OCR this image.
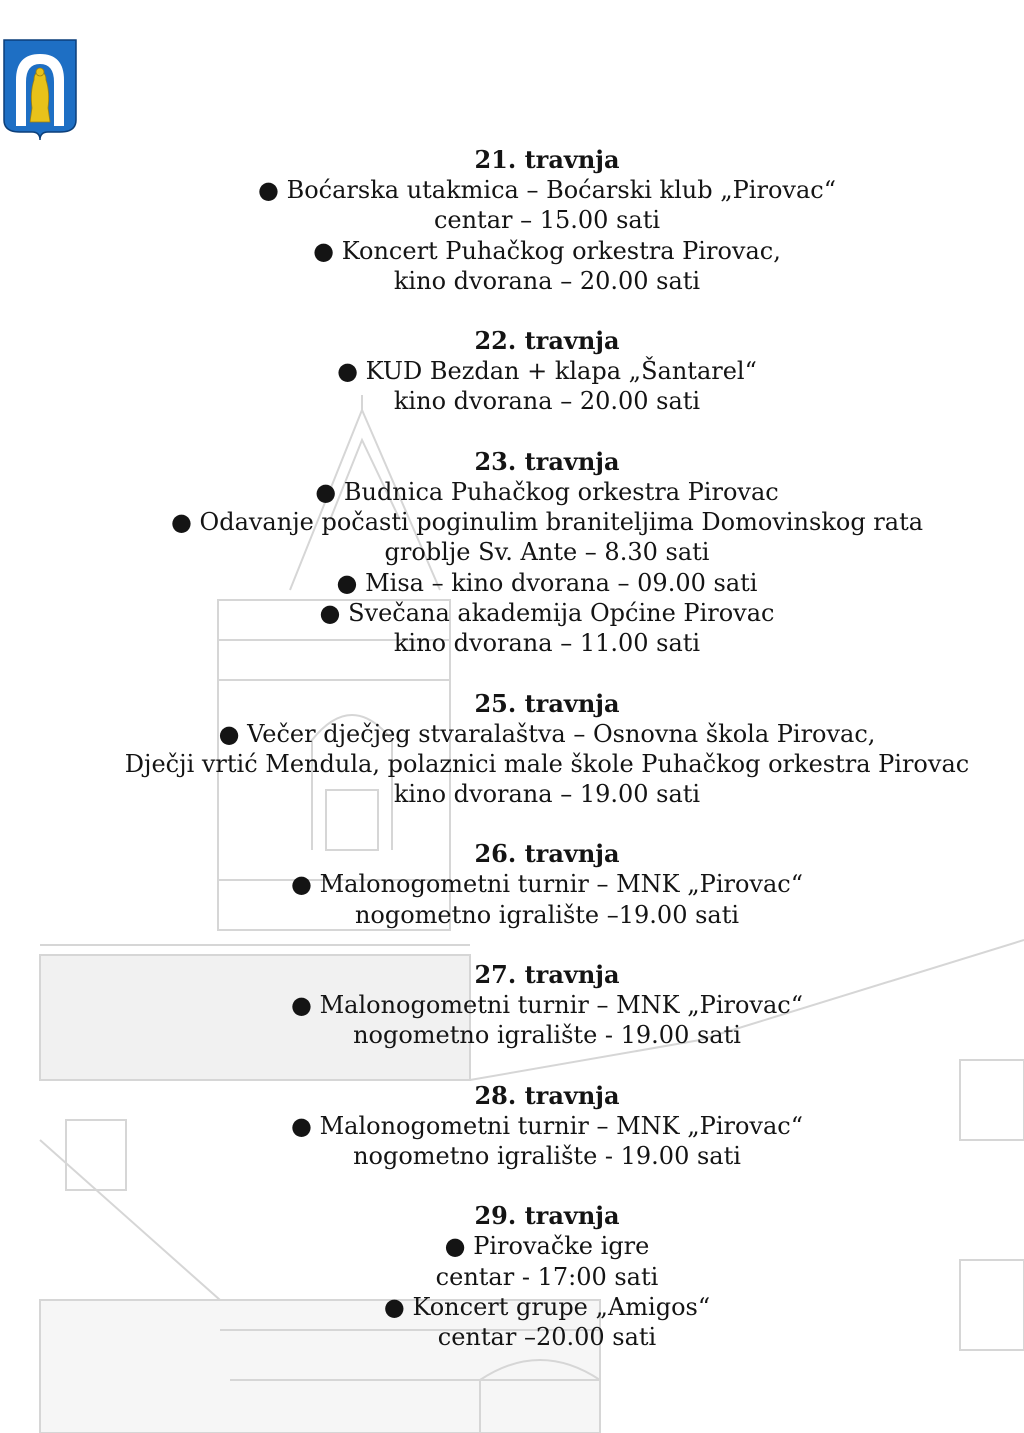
21. travnja
● Boćarska utakmica – Boćarski klub „Pirovac“
centar – 15.00 sati
● Koncert Puhačkog orkestra Pirovac,
kino dvorana – 20.00 sati
22. travnja
● KUD Bezdan + klapa „Šantarel“
kino dvorana – 20.00 sati
23. travnja
● Budnica Puhačkog orkestra Pirovac
● Odavanje počasti poginulim braniteljima Domovinskog rata
groblje Sv. Ante – 8.30 sati
● Misa – kino dvorana – 09.00 sati
● Svečana akademija Općine Pirovac
kino dvorana – 11.00 sati
25. travnja
● Večer dječjeg stvaralaštva – Osnovna škola Pirovac,
Dječji vrtić Mendula, polaznici male škole Puhačkog orkestra Pirovac
kino dvorana – 19.00 sati
26. travnja
● Malonogometni turnir – MNK „Pirovac“
nogometno igralište –19.00 sati
27. travnja
● Malonogometni turnir – MNK „Pirovac“
nogometno igralište - 19.00 sati
28. travnja
● Malonogometni turnir – MNK „Pirovac“
nogometno igralište - 19.00 sati
29. travnja
● Pirovačke igre
centar - 17:00 sati
● Koncert grupe „Amigos“
centar –20.00 sati
